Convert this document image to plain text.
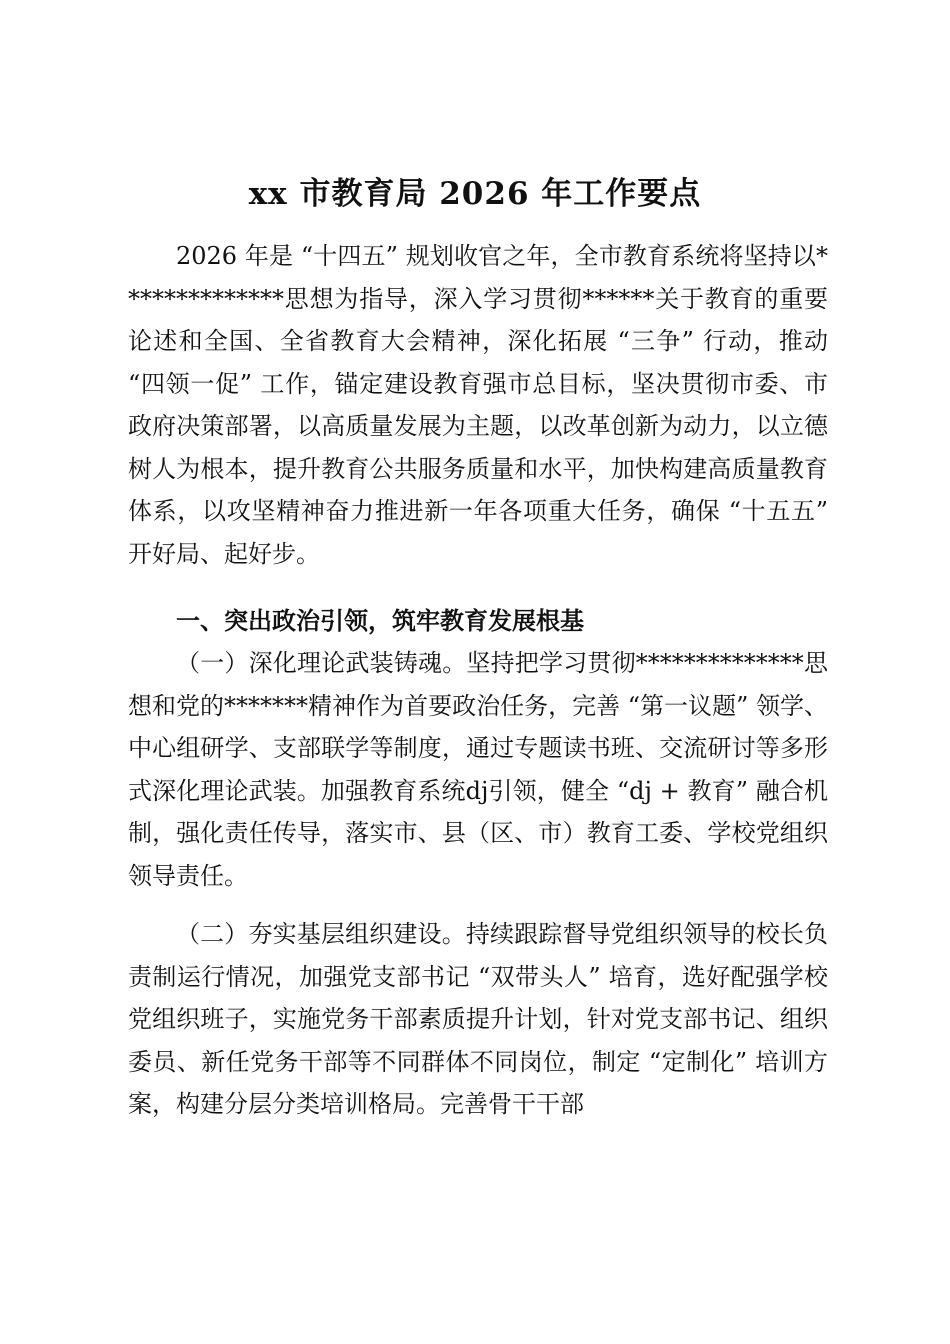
xx 市教育局 2026 年工作要点

2026 年是 “十四五” 规划收官之年，全市教育系统将坚持以**************思想为指导，深入学习贯彻******关于教育的重要论述和全国、全省教育大会精神，深化拓展 “三争” 行动，推动 “四领一促” 工作，锚定建设教育强市总目标，坚决贯彻市委、市政府决策部署，以高质量发展为主题，以改革创新为动力，以立德树人为根本，提升教育公共服务质量和水平，加快构建高质量教育体系，以攻坚精神奋力推进新一年各项重大任务，确保 “十五五” 开好局、起好步。

一、突出政治引领，筑牢教育发展根基

（一）深化理论武装铸魂。坚持把学习贯彻**************思想和党的*******精神作为首要政治任务，完善 “第一议题” 领学、中心组研学、支部联学等制度，通过专题读书班、交流研讨等多形式深化理论武装。加强教育系统dj引领，健全 “dj + 教育” 融合机制，强化责任传导，落实市、县（区、市）教育工委、学校党组织领导责任。

（二）夯实基层组织建设。持续跟踪督导党组织领导的校长负责制运行情况，加强党支部书记 “双带头人” 培育，选好配强学校党组织班子，实施党务干部素质提升计划，针对党支部书记、组织委员、新任党务干部等不同群体不同岗位，制定 “定制化” 培训方案，构建分层分类培训格局。完善骨干干部
